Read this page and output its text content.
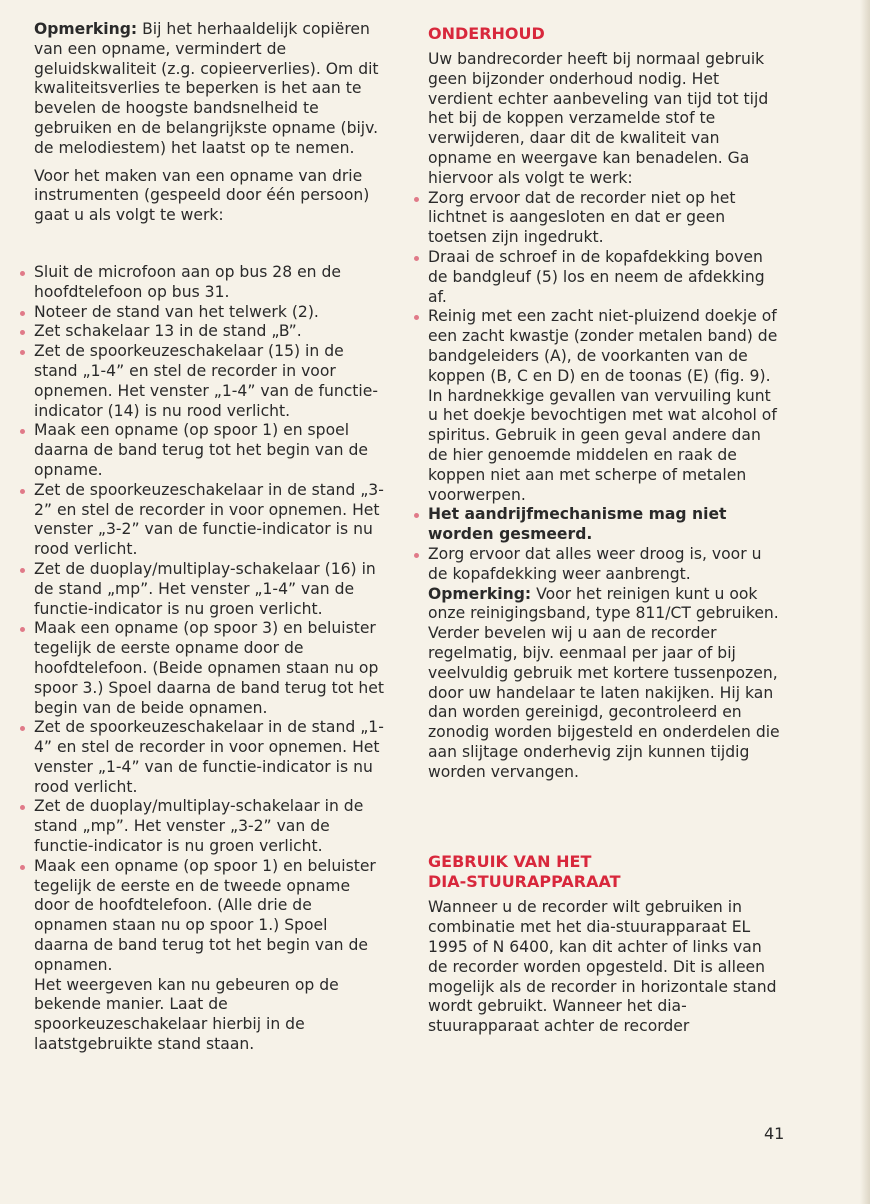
Opmerking: Bij het herhaaldelijk copiëren van een opname, vermindert de geluidskwaliteit (z.g. copieerverlies). Om dit kwaliteitsverlies te beperken is het aan te bevelen de hoogste bandsnelheid te gebruiken en de belangrijkste opname (bijv. de melodiestem) het laatst op te nemen.

Voor het maken van een opname van drie instrumenten (gespeeld door één persoon) gaat u als volgt te werk:

Sluit de microfoon aan op bus 28 en de hoofdtelefoon op bus 31.
Noteer de stand van het telwerk (2).
Zet schakelaar 13 in de stand „B”.
Zet de spoorkeuzeschakelaar (15) in de stand „1-4” en stel de recorder in voor opnemen. Het venster „1-4” van de functie-indicator (14) is nu rood verlicht.
Maak een opname (op spoor 1) en spoel daarna de band terug tot het begin van de opname.
Zet de spoorkeuzeschakelaar in de stand „3-2” en stel de recorder in voor opnemen. Het venster „3-2” van de functie-indicator is nu rood verlicht.
Zet de duoplay/multiplay-schakelaar (16) in de stand „mp”. Het venster „1-4” van de functie-indicator is nu groen verlicht.
Maak een opname (op spoor 3) en beluister tegelijk de eerste opname door de hoofdtelefoon. (Beide opnamen staan nu op spoor 3.) Spoel daarna de band terug tot het begin van de beide opnamen.
Zet de spoorkeuzeschakelaar in de stand „1-4” en stel de recorder in voor opnemen. Het venster „1-4” van de functie-indicator is nu rood verlicht.
Zet de duoplay/multiplay-schakelaar in de stand „mp”. Het venster „3-2” van de functie-indicator is nu groen verlicht.
Maak een opname (op spoor 1) en beluister tegelijk de eerste en de tweede opname door de hoofdtelefoon. (Alle drie de opnamen staan nu op spoor 1.) Spoel daarna de band terug tot het begin van de opnamen.

Het weergeven kan nu gebeuren op de bekende manier. Laat de spoorkeuzeschakelaar hierbij in de laatstgebruikte stand staan.

ONDERHOUD

Uw bandrecorder heeft bij normaal gebruik geen bijzonder onderhoud nodig. Het verdient echter aanbeveling van tijd tot tijd het bij de koppen verzamelde stof te verwijderen, daar dit de kwaliteit van opname en weergave kan benadelen. Ga hiervoor als volgt te werk:

Zorg ervoor dat de recorder niet op het lichtnet is aangesloten en dat er geen toetsen zijn ingedrukt.
Draai de schroef in de kopafdekking boven de bandgleuf (5) los en neem de afdekking af.
Reinig met een zacht niet-pluizend doekje of een zacht kwastje (zonder metalen band) de bandgeleiders (A), de voorkanten van de koppen (B, C en D) en de toonas (E) (fig. 9). In hardnekkige gevallen van vervuiling kunt u het doekje bevochtigen met wat alcohol of spiritus. Gebruik in geen geval andere dan de hier genoemde middelen en raak de koppen niet aan met scherpe of metalen voorwerpen.
Het aandrijfmechanisme mag niet worden gesmeerd.
Zorg ervoor dat alles weer droog is, voor u de kopafdekking weer aanbrengt.

Opmerking: Voor het reinigen kunt u ook onze reinigingsband, type 811/CT gebruiken.

Verder bevelen wij u aan de recorder regelmatig, bijv. eenmaal per jaar of bij veelvuldig gebruik met kortere tussenpozen, door uw handelaar te laten nakijken. Hij kan dan worden gereinigd, gecontroleerd en zonodig worden bijgesteld en onderdelen die aan slijtage onderhevig zijn kunnen tijdig worden vervangen.

GEBRUIK VAN HET
DIA-STUURAPPARAAT

Wanneer u de recorder wilt gebruiken in combinatie met het dia-stuurapparaat EL 1995 of N 6400, kan dit achter of links van de recorder worden opgesteld. Dit is alleen mogelijk als de recorder in horizontale stand wordt gebruikt. Wanneer het dia-stuurapparaat achter de recorder

41
